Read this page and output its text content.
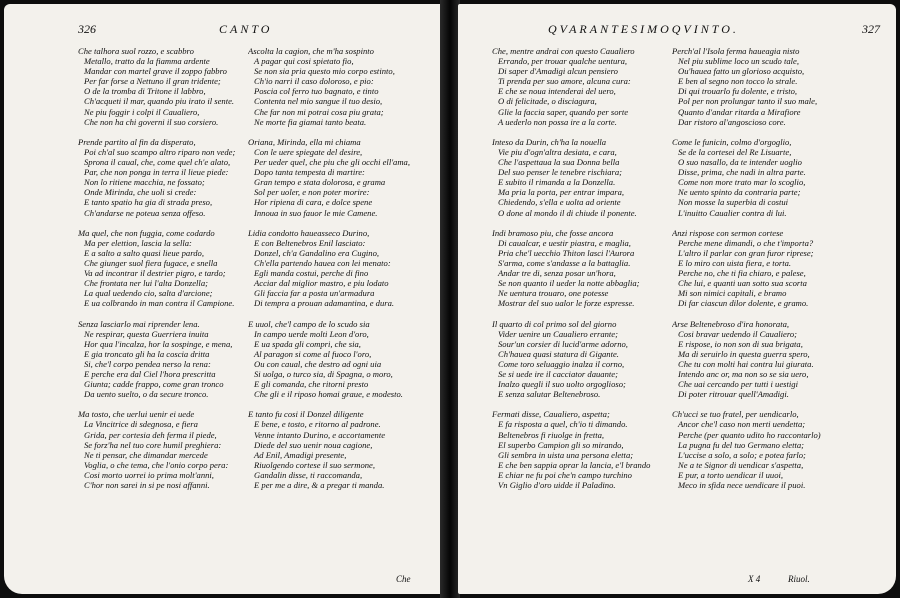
326	CANTO
Che talhora suol rozzo, e scabbro
Metallo, tratto da la fiamma ardente
Mandar con martel grave il zoppo fabbro
Per far forse a Nettuno il gran tridente;
O de la tromba di Tritone il labbro,
Ch'acqueti il mar, quando piu irato il sente.
Ne piu foggir i colpi il Caualiero,
Che non ha chi governi il suo corsiero.
Prende partito al fin da disperato,
Poi ch'al suo scampo altro riparo non vede;
Sprona il caual, che, come quel ch'e alato,
Par, che non ponga in terra il lieue piede:
Non lo ritiene macchia, ne fossato;
Onde Mirinda, che uoli si crede:
E tanto spatio ha gia di strada preso,
Ch'andarse ne poteua senza offeso.
Ma quel, che non fuggia, come codardo
Ma per elettion, lascia la sella:
E a salto a salto quasi lieue pardo,
Che giunger suol fiera fugace, e snella
Va ad incontrar il destrier pigro, e tardo;
Che frontata ner lui l'alta Donzella;
La qual uedendo cio, salta d'arcione;
E ua colbrando in man contra il Campione.
Senza lasciarlo mai riprender lena.
Ne respirar, questa Guerriera inuita
Hor qua l'incalza, hor la sospinge, e mena,
E gia troncato gli ha la coscia dritta
Si, che'l corpo pendea nerso la rena:
E perche era dal Ciel l'hora prescritta
Giunta; cadde frappo, come gran tronco
Da uento suelto, o da secure tronco.
Ma tosto, che uerlui uenir ei uede
La Vincitrice di sdegnosa, e fiera
Grida, per cortesia deh ferma il piede,
Se forz'ha nel tuo core humil preghiera:
Ne ti pensar, che dimandar mercede
Voglia, o che tema, che l'onio corpo pera:
Cosi morto uorrei io prima molt'anni,
C'hor non sarei in si pe nosi affanni.
Ascolta la cagion, che m'ha sospinto
A pagar qui cosi spietato fio,
Se non sia pria questo mio corpo estinto,
Ch'io narri il caso doloroso, e pio:
Poscia col ferro tuo bagnato, e tinto
Contenta nel mio sangue il tuo desio,
Che far non mi potrai cosa piu grata;
Ne morte fia giamai tanto beata.
Oriana, Mirinda, ella mi chiama
Con le uere spiegate del desire,
Per ueder quel, che piu che gli occhi ell'ama,
Dopo tanta tempesta di martire:
Gran tempo e stata dolorosa, e grama
Sol per uoler, e non poter morire:
Hor ripiena di cara, e dolce spene
Innoua in suo fauor le mie Camene.
Lidia condotto haueasseco Durino,
E con Beltenebros Enil lasciato:
Donzel, ch'a Gandalino era Cugino,
Ch'ella partendo hauea con lei menato:
Egli manda costui, perche di fino
Acciar dal miglior mastro, e piu lodato
Gli faccia far a posta un'armadura
Di tempra a prouan adamantina, e dura.
E uuol, che'l campo de lo scudo sia
In campo uerde molti Leon d'oro,
E ua spada gli compri, che sia,
Al paragon si come al fuoco l'oro,
Ou con caual, che destro ad ogni uia
Si uolga, o turco sia, di Spagna, o moro,
E gli comanda, che ritorni presto
Che gli e il riposo homai graue, e modesto.
E tanto fu cosi il Donzel diligente
E bene, e tosto, e ritorno al padrone.
Venne intanto Durino, e accortamente
Diede del suo uenir noua cagione,
Ad Enil, Amadigi presente,
Riuolgendo cortese il suo sermone,
Gandalin disse, ti raccomanda,
E per me a dire, & a pregar ti manda.
Che
QVARANTESIMOQVINTO.	327
Che, mentre andrai con questo Caualiero
Errando, per trouar qualche uentura,
Di saper d'Amadigi alcun pensiero
Ti prenda per suo amore, alcuna cura:
E che se noua intenderai del uero,
O di felicitade, o disciagura,
Glie la faccia saper, quando per sorte
A uederlo non possa ire a la corte.
Inteso da Durin, ch'ha la nouella
Vie piu d'ogn'altra desiata, e cara,
Che l'aspettaua la sua Donna bella
Del suo penser le tenebre rischiara;
E subito il rimanda a la Donzella.
Ma pria la porta, per entrar impara,
Chiedendo, s'ella e uolta ad oriente
O done al mondo il di chiude il ponente.
Indi bramoso piu, che fosse ancora
Di caualcar, e uestir piastra, e maglia,
Pria che'l uecchio Thiton lasci l'Aurora
S'arma, come s'andasse a la battaglia.
Andar tre di, senza posar un'hora,
Se non quanto il ueder la notte abbaglia;
Ne uentura trouaro, one potesse
Mostrar del suo ualor le forze espresse.
Il quarto di col primo sol del giorno
Vider uenire un Caualiero errante;
Sour'un corsier di lucid'arme adorno,
Ch'hauea quasi statura di Gigante.
Come toro seluaggio inalza il corno,
Se si uede ire il cacciator dauante;
Inalzo quegli il suo uolto orgoglioso;
E senza salutar Beltenebroso.
Fermati disse, Caualiero, aspetta;
E fa risposta a quel, ch'io ti dimando.
Beltenebros fi riuolge in fretta,
El superbo Campion gli so mirando,
Gli sembra in uista una persona eletta;
E che ben sappia oprar la lancia, e'l brando
E chiar ne fu poi che'n campo turchino
Vn Giglio d'oro uidde il Paladino.
Perch'al l'Isola ferma haueagia nisto
Nel piu sublime loco un scudo tale,
Ou'hauea fatto un glorioso acquisto,
E ben al segno non tocco lo strale.
Di qui trouarlo fu dolente, e tristo,
Pol per non prolungar tanto il suo male,
Quanto d'andar ritarda a Mirafiore
Dar ristoro al'angoscioso core.
Come le funicin, colmo d'orgoglio,
Se de la cortesei del Re Lisuarte,
O suo nasallo, da te intender uoglio
Disse, prima, che nadi in altra parte.
Come non more trato mar lo scoglio,
Ne uento spinto da contraria parte;
Non mosse la superbia di costui
L'inuitto Caualier contra di lui.
Anzi rispose con sermon cortese
Perche mene dimandi, o che t'importa?
L'altro il parlar con gran furor riprese;
E lo miro con uista fiera, e torta.
Perche no, che ti fia chiaro, e palese,
Che lui, e quanti uan sotto sua scorta
Mi son nimici capitali, e bramo
Di far ciascun dilor dolente, e gramo.
Arse Beltenebroso d'ira honorata,
Cosi bravar uedendo il Caualiero;
E rispose, io non son di sua brigata,
Ma di seruirlo in questa guerra spero,
Che tu con molti hai contra lui giurata.
Intendo anc or, ma non so se sia uero,
Che uai cercando per tutti i uestigi
Di poter ritrouar quell'Amadigi.
Ch'ucci se tuo fratel, per uendicarlo,
Ancor che'l caso non merti uendetta;
Perche (per quanto udito ho raccontarlo)
La pugna fu del tuo Germano eletta;
L'uccise a solo, a solo; e potea farlo;
Ne a te Signor di uendicar s'aspetta,
E pur, a torto uendicar il uuoi,
Meco in sfida nece uendicare il puoi.
X 4	Riuol.
